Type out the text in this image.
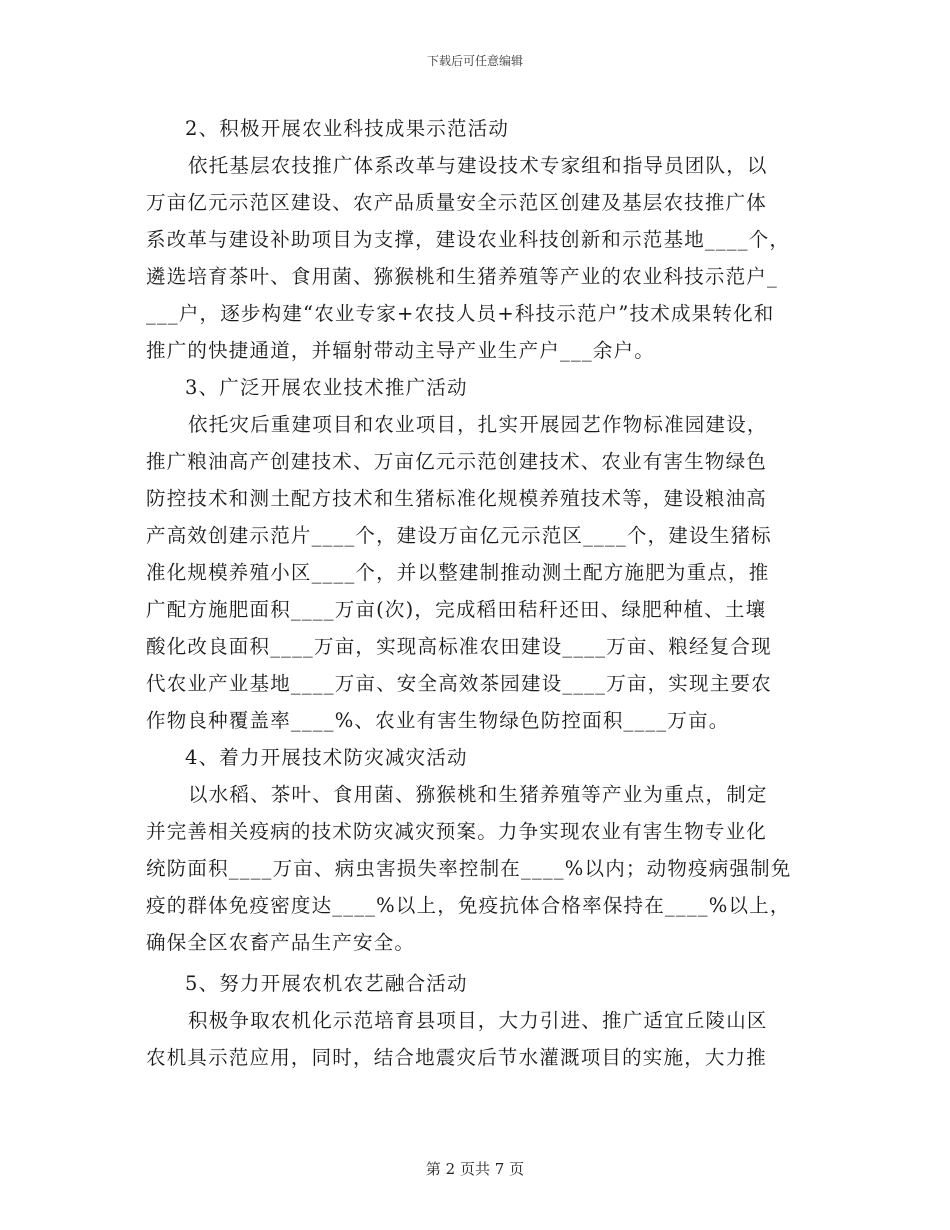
下载后可任意编辑

2、积极开展农业科技成果示范活动

依托基层农技推广体系改革与建设技术专家组和指导员团队，以
万亩亿元示范区建设、农产品质量安全示范区创建及基层农技推广体
系改革与建设补助项目为支撑，建设农业科技创新和示范基地____个，
遴选培育茶叶、食用菌、猕猴桃和生猪养殖等产业的农业科技示范户_
___户，逐步构建“农业专家+农技人员+科技示范户”技术成果转化和
推广的快捷通道，并辐射带动主导产业生产户___余户。

3、广泛开展农业技术推广活动

依托灾后重建项目和农业项目，扎实开展园艺作物标准园建设，
推广粮油高产创建技术、万亩亿元示范创建技术、农业有害生物绿色
防控技术和测土配方技术和生猪标准化规模养殖技术等，建设粮油高
产高效创建示范片____个，建设万亩亿元示范区____个，建设生猪标
准化规模养殖小区____个，并以整建制推动测土配方施肥为重点，推
广配方施肥面积____万亩(次)，完成稻田秸秆还田、绿肥种植、土壤
酸化改良面积____万亩，实现高标准农田建设____万亩、粮经复合现
代农业产业基地____万亩、安全高效茶园建设____万亩，实现主要农
作物良种覆盖率____%、农业有害生物绿色防控面积____万亩。

4、着力开展技术防灾减灾活动

以水稻、茶叶、食用菌、猕猴桃和生猪养殖等产业为重点，制定
并完善相关疫病的技术防灾减灾预案。力争实现农业有害生物专业化
统防面积____万亩、病虫害损失率控制在____%以内；动物疫病强制免
疫的群体免疫密度达____%以上，免疫抗体合格率保持在____%以上，
确保全区农畜产品生产安全。

5、努力开展农机农艺融合活动

积极争取农机化示范培育县项目，大力引进、推广适宜丘陵山区
农机具示范应用，同时，结合地震灾后节水灌溉项目的实施，大力推

第 2 页共 7 页
